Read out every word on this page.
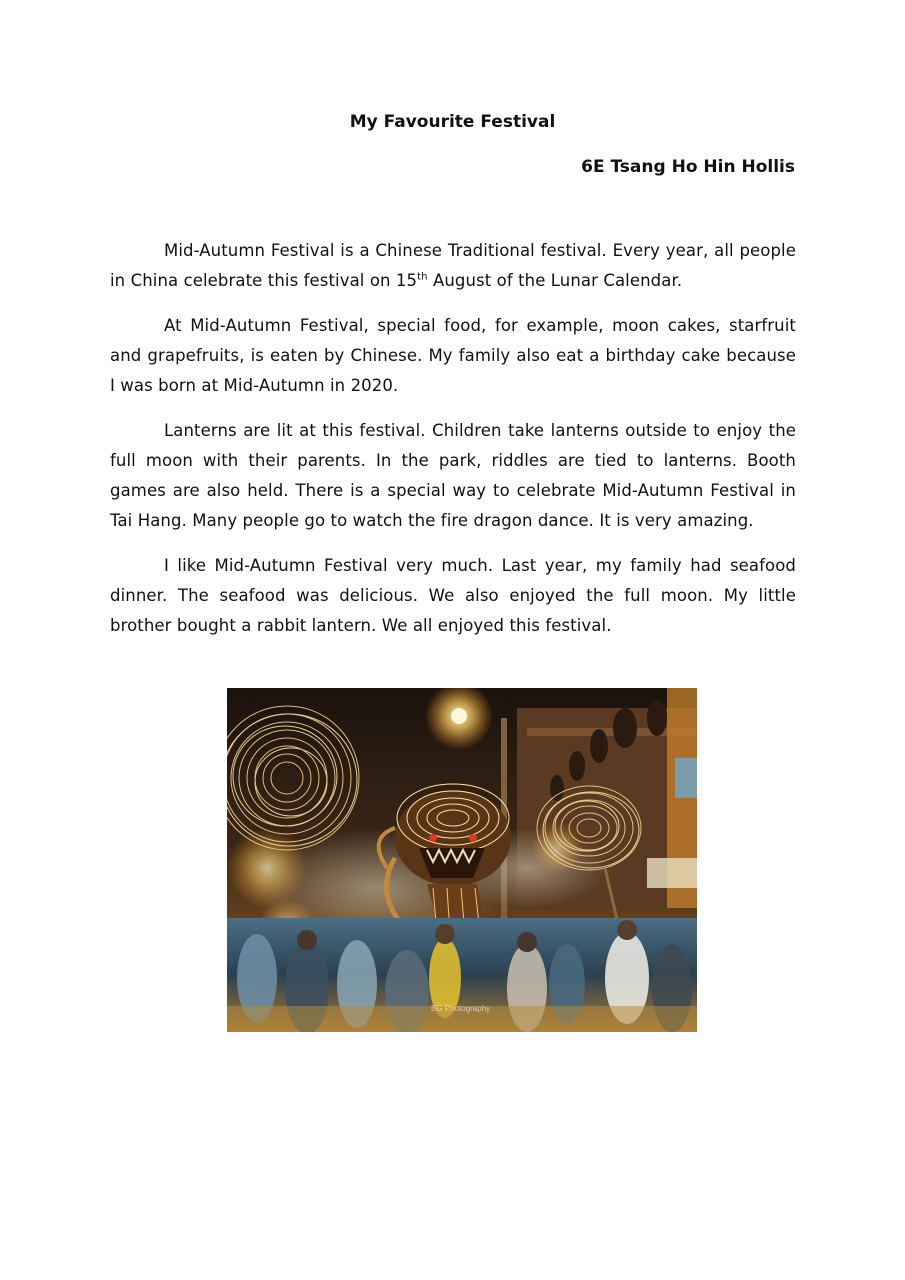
My Favourite Festival
6E Tsang Ho Hin Hollis

Mid-Autumn Festival is a Chinese Traditional festival. Every year, all people in China celebrate this festival on 15th August of the Lunar Calendar.

At Mid-Autumn Festival, special food, for example, moon cakes, starfruit and grapefruits, is eaten by Chinese. My family also eat a birthday cake because I was born at Mid-Autumn in 2020.

Lanterns are lit at this festival. Children take lanterns outside to enjoy the full moon with their parents. In the park, riddles are tied to lanterns. Booth games are also held. There is a special way to celebrate Mid-Autumn Festival in Tai Hang. Many people go to watch the fire dragon dance. It is very amazing.

I like Mid-Autumn Festival very much. Last year, my family had seafood dinner. The seafood was delicious. We also enjoyed the full moon. My little brother bought a rabbit lantern. We all enjoyed this festival.

BG Photography
